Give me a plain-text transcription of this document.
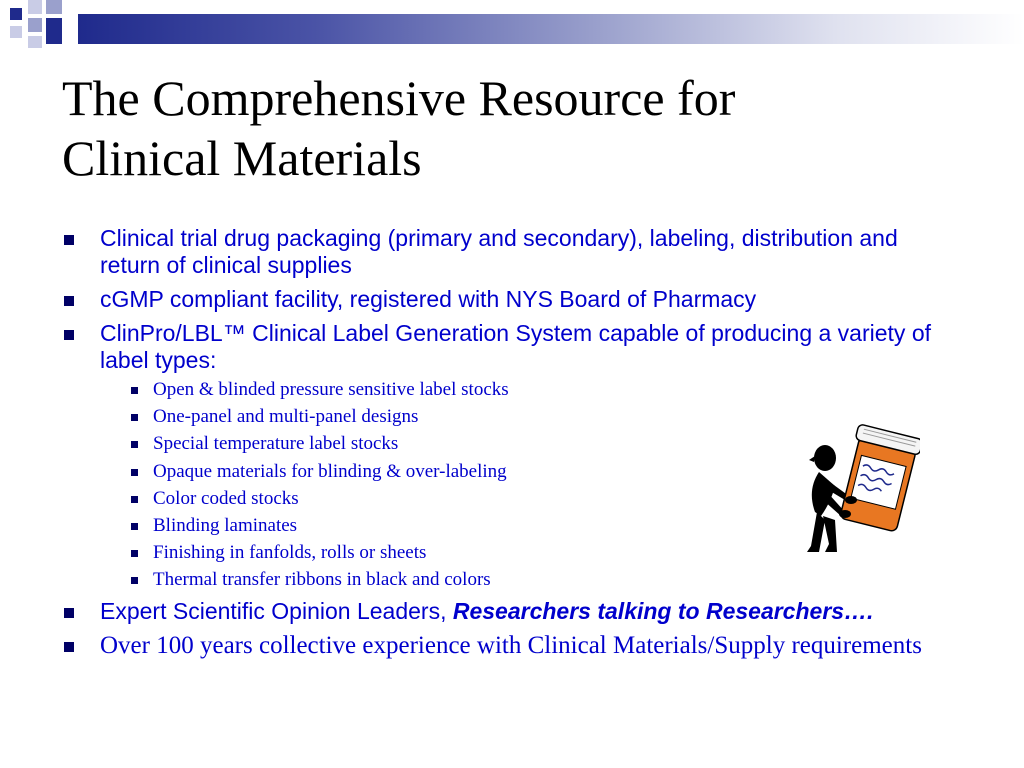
The Comprehensive Resource for
Clinical Materials
Clinical trial drug packaging (primary and secondary), labeling, distribution and return of clinical supplies
cGMP compliant facility, registered with NYS Board of Pharmacy
ClinPro/LBL™ Clinical Label Generation System capable of producing a variety of label types:
Open & blinded pressure sensitive label stocks
One-panel and multi-panel designs
Special temperature label stocks
Opaque materials for blinding & over-labeling
Color coded stocks
Blinding laminates
Finishing in fanfolds, rolls or sheets
Thermal transfer ribbons in black and colors
Expert Scientific Opinion Leaders, Researchers talking to Researchers….
Over 100 years collective experience with Clinical Materials/Supply requirements
